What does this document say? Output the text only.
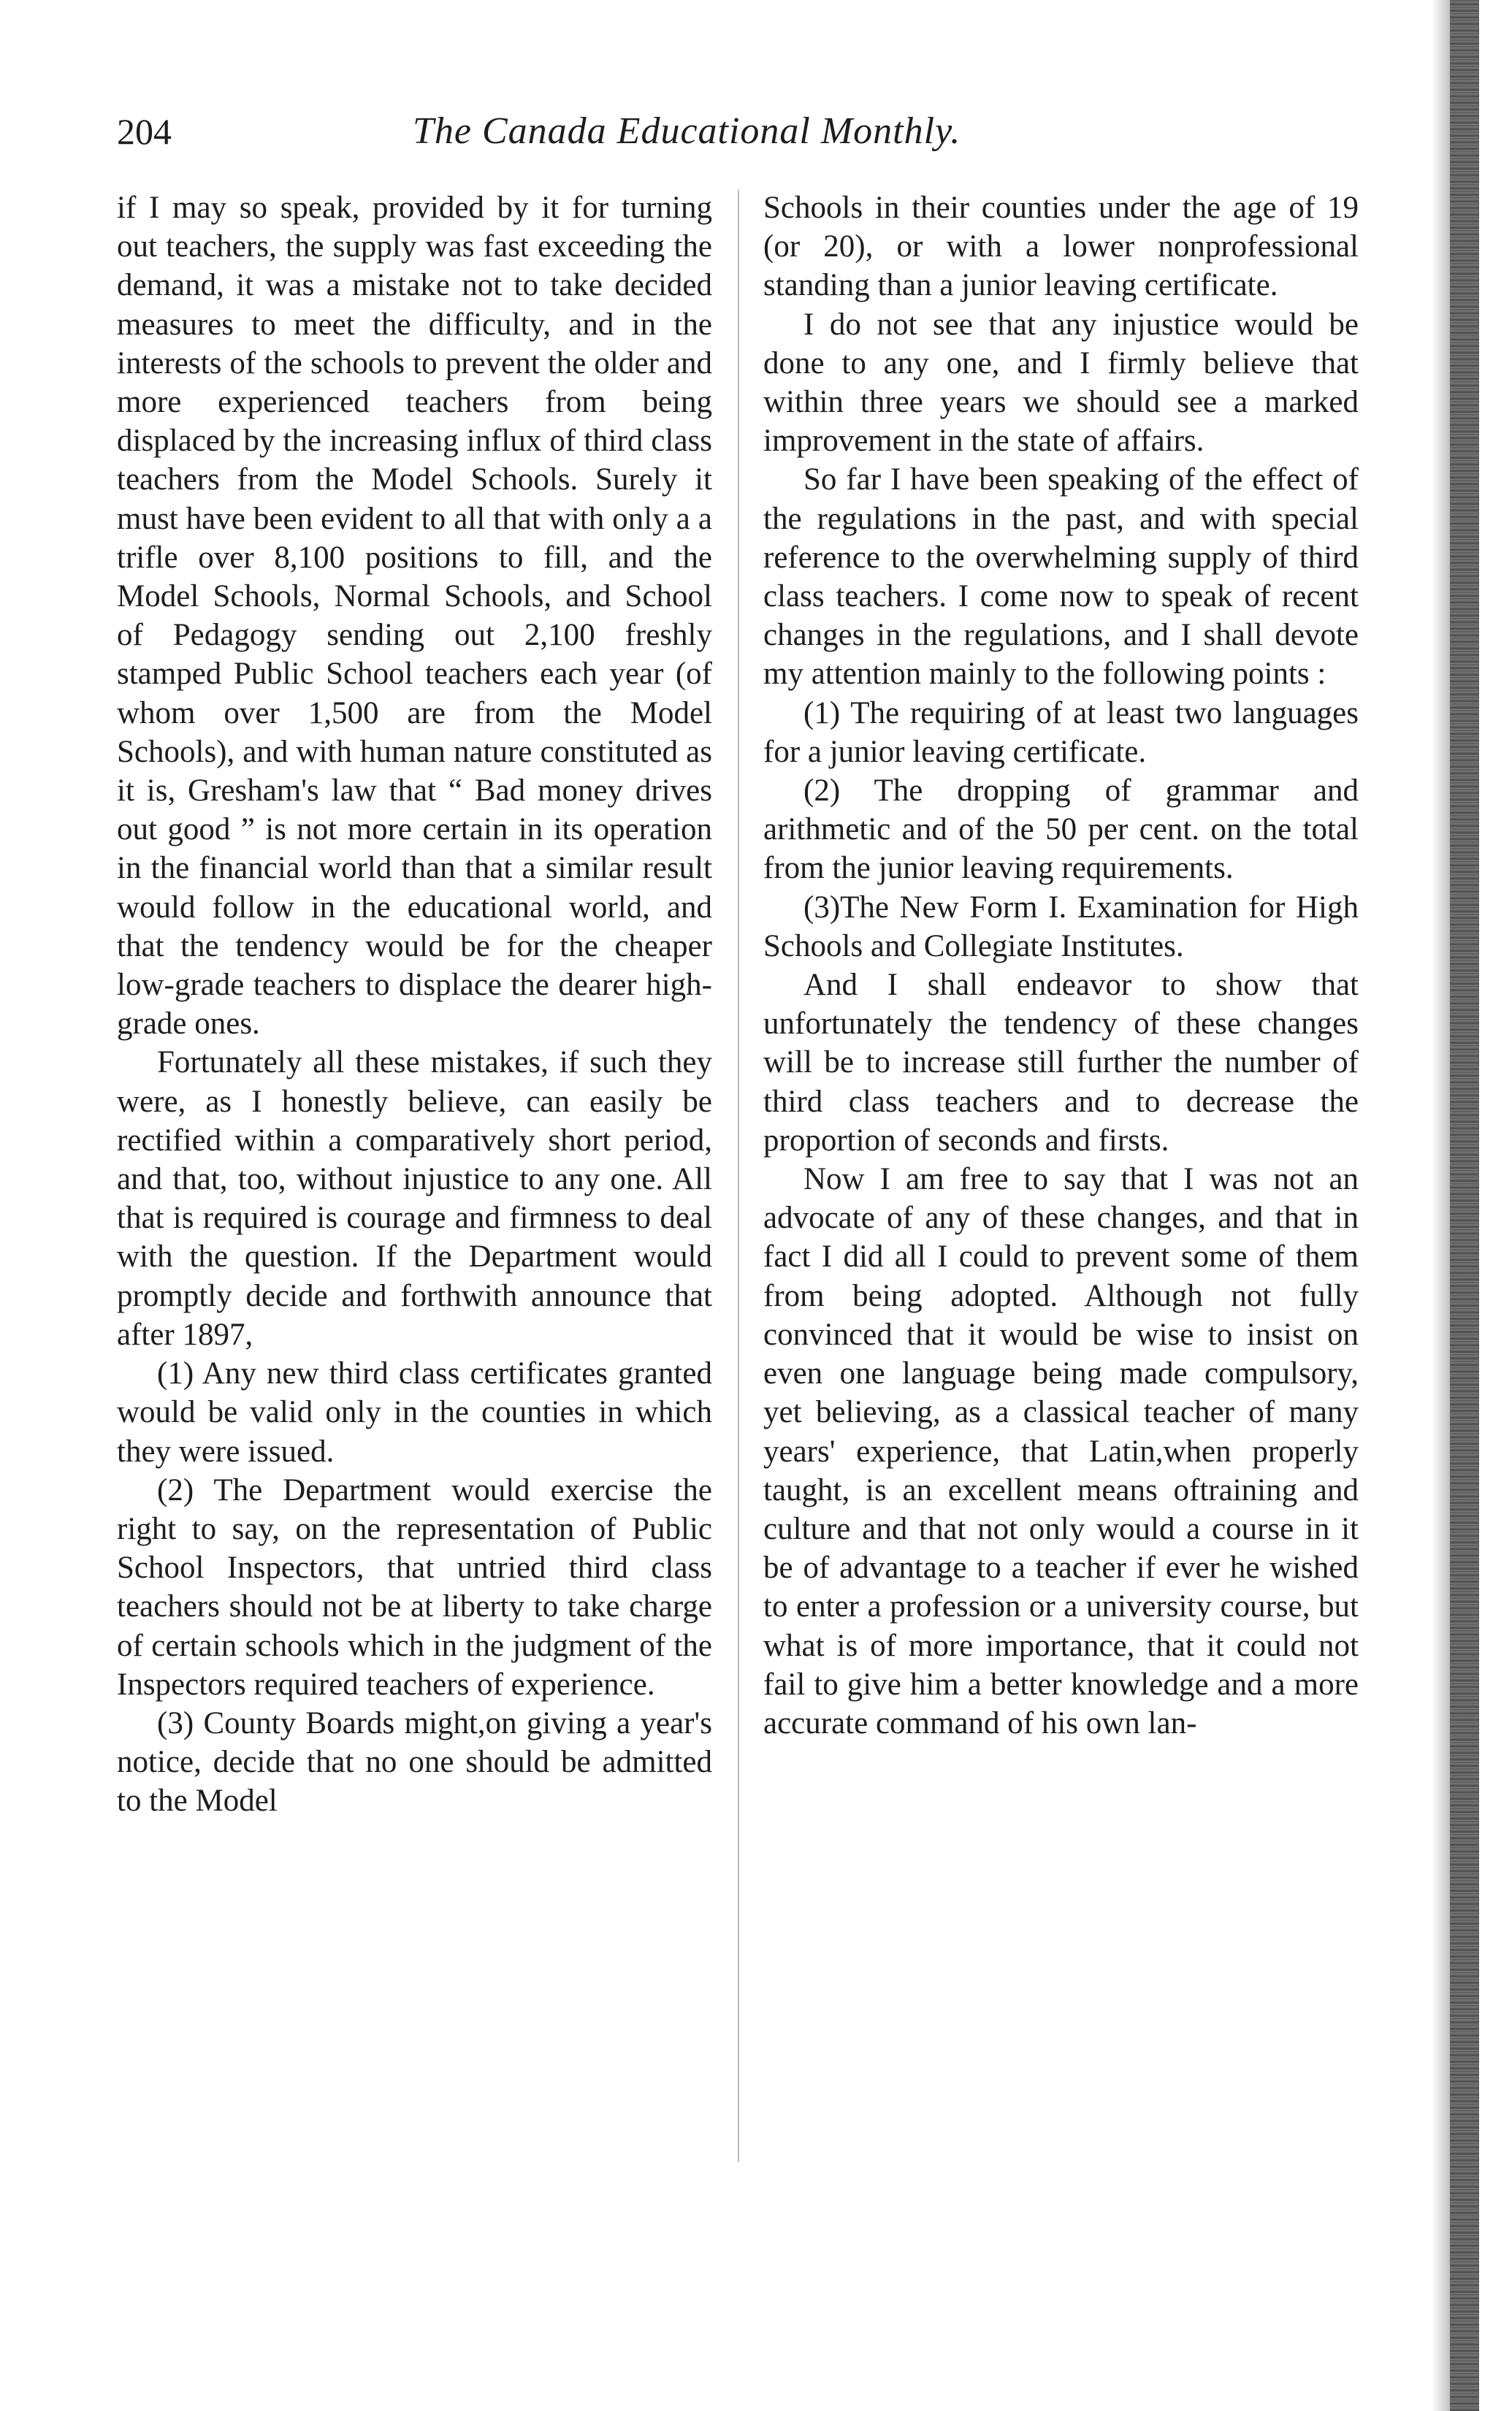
204	The Canada Educational Monthly.

if I may so speak, provided by it for turning out teachers, the supply was fast exceeding the demand, it was a mistake not to take decided measures to meet the difficulty, and in the interests of the schools to prevent the older and more experienced teachers from being displaced by the increasing influx of third class teachers from the Model Schools. Surely it must have been evident to all that with only a a trifle over 8,100 positions to fill, and the Model Schools, Normal Schools, and School of Pedagogy sending out 2,100 freshly stamped Public School teachers each year (of whom over 1,500 are from the Model Schools), and with human nature constituted as it is, Gresham's law that “ Bad money drives out good ” is not more certain in its operation in the financial world than that a similar result would follow in the educational world, and that the tendency would be for the cheaper low-grade teachers to displace the dearer high-grade ones.

Fortunately all these mistakes, if such they were, as I honestly believe, can easily be rectified within a comparatively short period, and that, too, without injustice to any one. All that is required is courage and firmness to deal with the question. If the Department would promptly decide and forthwith announce that after 1897,

(1) Any new third class certificates granted would be valid only in the counties in which they were issued.

(2) The Department would exercise the right to say, on the representation of Public School Inspectors, that untried third class teachers should not be at liberty to take charge of certain schools which in the judgment of the Inspectors required teachers of experience.

(3) County Boards might,on giving a year's notice, decide that no one should be admitted to the Model

Schools in their counties under the age of 19 (or 20), or with a lower nonprofessional standing than a junior leaving certificate.

I do not see that any injustice would be done to any one, and I firmly believe that within three years we should see a marked improvement in the state of affairs.

So far I have been speaking of the effect of the regulations in the past, and with special reference to the overwhelming supply of third class teachers. I come now to speak of recent changes in the regulations, and I shall devote my attention mainly to the following points :

(1) The requiring of at least two languages for a junior leaving certificate.

(2) The dropping of grammar and arithmetic and of the 50 per cent. on the total from the junior leaving requirements.

(3)The New Form I. Examination for High Schools and Collegiate Institutes.

And I shall endeavor to show that unfortunately the tendency of these changes will be to increase still further the number of third class teachers and to decrease the proportion of seconds and firsts.

Now I am free to say that I was not an advocate of any of these changes, and that in fact I did all I could to prevent some of them from being adopted. Although not fully convinced that it would be wise to insist on even one language being made compulsory, yet believing, as a classical teacher of many years' experience, that Latin,when properly taught, is an excellent means oftraining and culture and that not only would a course in it be of advantage to a teacher if ever he wished to enter a profession or a university course, but what is of more importance, that it could not fail to give him a better knowledge and a more accurate command of his own lan-
